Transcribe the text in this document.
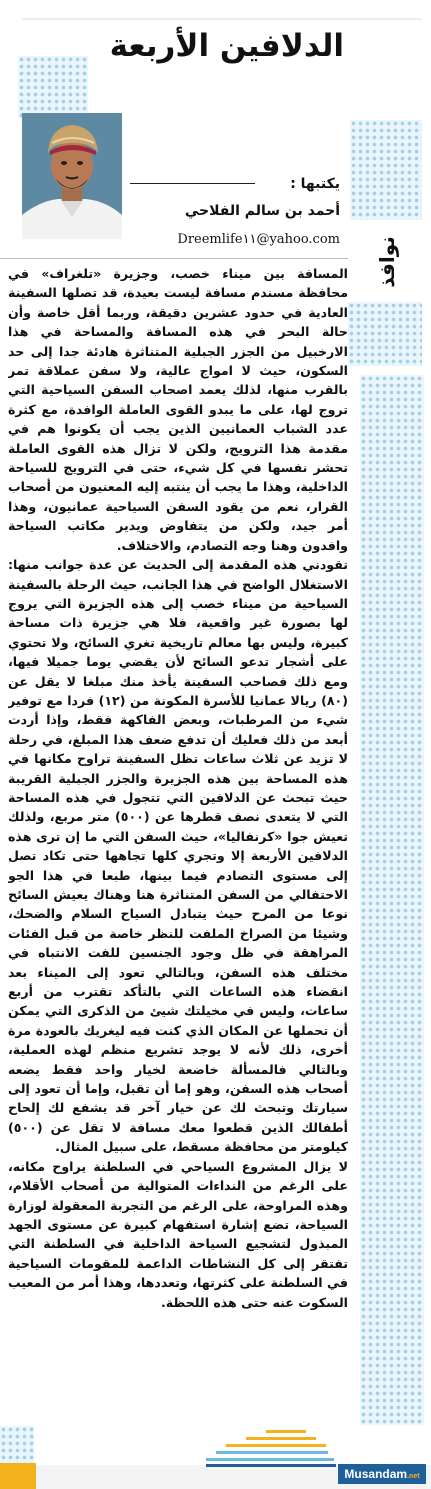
الدلافين الأربعة
يكتبها :
أحمد بن سالم الفلاحي
Dreemlife١١@yahoo.com نوافذ

المسافة بين ميناء خصب، وجزيرة «تلغراف» في محافظة مسندم مسافة ليست بعيدة، قد تصلها السفينة العادية في حدود عشرين دقيقة، وربما أقل خاصة وأن حالة البحر في هذه المسافة والمساحة في هذا الارخبيل من الجزر الجبلية المتناثرة هادئة جدا إلى حد السكون، حيث لا امواج عالية، ولا سفن عملاقة تمر بالقرب منها، لذلك يعمد اصحاب السفن السياحية التي تروج لها، على ما يبدو القوى العاملة الوافدة، مع كثرة عدد الشباب العمانيين الذين يجب أن يكونوا هم في مقدمة هذا الترويج، ولكن لا تزال هذه القوى العاملة تحشر نفسها في كل شيء، حتى في الترويج للسياحة الداخلية، وهذا ما يجب أن ينتبه إليه المعنيون من أصحاب القرار، نعم من يقود السفن السياحية عمانيون، وهذا أمر جيد، ولكن من يتفاوض ويدير مكاتب السياحة وافدون وهنا وجه التصادم، والاختلاف.

تقودني هذه المقدمة إلى الحديث عن عدة جوانب منها: الاستغلال الواضح في هذا الجانب، حيث الرحلة بالسفينة السياحية من ميناء خصب إلى هذه الجزيرة التي يروج لها بصورة غير واقعية، فلا هي جزيرة ذات مساحة كبيرة، وليس بها معالم تاريخية تغري السائح، ولا تحتوي على أشجار تدعو السائح لأن يقضي يوما جميلا فيها، ومع ذلك فصاحب السفينة يأخذ منك مبلغا لا يقل عن (٨٠) ريالا عمانيا للأسرة المكونة من (١٢) فردا مع توفير شيء من المرطبات، وبعض الفاكهة فقط، وإذا أردت أبعد من ذلك فعليك أن تدفع ضعف هذا المبلغ، في رحلة لا تزيد عن ثلاث ساعات تظل السفينة تراوح مكانها في هذه المساحة بين هذه الجزيرة والجزر الجبلية القريبة حيث تبحث عن الدلافين التي تتجول في هذه المساحة التي لا يتعدى نصف قطرها عن (٥٠٠) متر مربع، ولذلك تعيش جوا «كرنفاليا»، حيث السفن التي ما إن ترى هذه الدلافين الأربعة إلا وتجري كلها تجاهها حتى تكاد تصل إلى مستوى التصادم فيما بينها، طبعا في هذا الجو الاحتفالي من السفن المتناثرة هنا وهناك يعيش السائح نوعا من المرح حيث يتبادل السياح السلام والضحك، وشيئا من الصراخ الملفت للنظر خاصة من قبل الفئات المراهقة في ظل وجود الجنسين للفت الانتباه في مختلف هذه السفن، وبالتالي تعود إلى الميناء بعد انقضاء هذه الساعات التي بالتأكد تقترب من أربع ساعات، وليس في مخيلتك شيئ من الذكرى التي يمكن أن تحملها عن المكان الذي كنت فيه ليغريك بالعودة مرة أخرى، ذلك لأنه لا يوجد تشريع منظم لهذه العملية، وبالتالي فالمسألة خاضعة لخيار واحد فقط يضعه أصحاب هذه السفن، وهو إما أن تقبل، وإما أن تعود إلى سيارتك وتبحث لك عن خيار آخر قد يشفع لك إلحاح أطفالك الذين قطعوا معك مسافة لا تقل عن (٥٠٠) كيلومتر من محافظة مسقط، على سبيل المثال.

لا يزال المشروع السياحي في السلطنة يراوح مكانه، على الرغم من النداءات المتوالية من أصحاب الأقلام، وهذه المراوحة، على الرغم من التجربة المعقولة لوزارة السياحة، تضع إشارة استفهام كبيرة عن مستوى الجهد المبذول لتشجيع السياحة الداخلية في السلطنة التي تفتقر إلى كل النشاطات الداعمة للمقومات السياحية في السلطنة على كثرتها، وتعددها، وهذا أمر من المعيب السكوت عنه حتى هذه اللحظة.

Musandam.net
